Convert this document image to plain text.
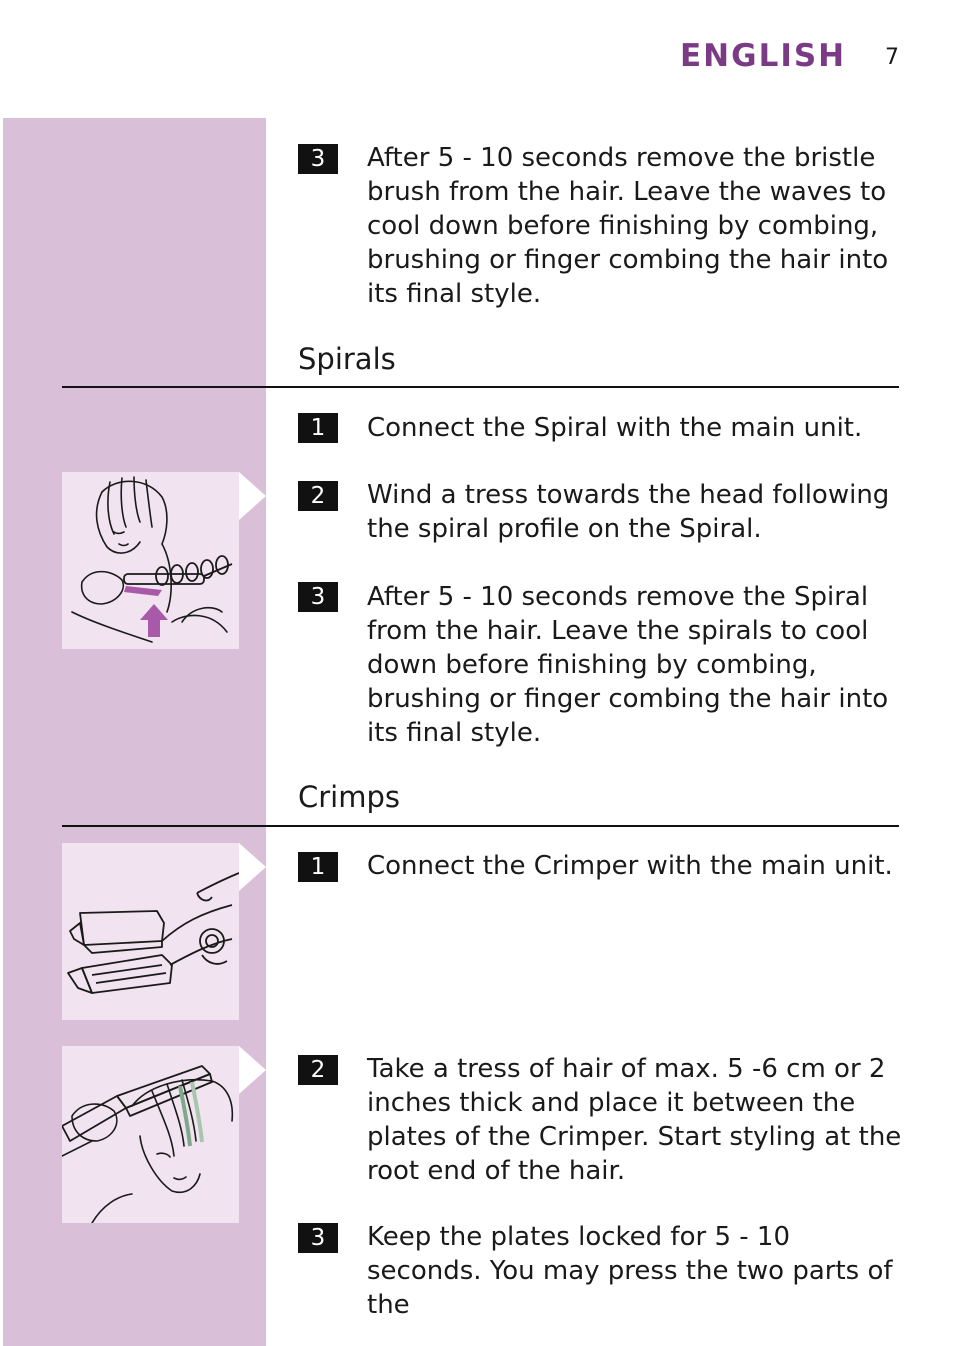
ENGLISH 7
3	After 5 - 10 seconds remove the bristle brush from the hair. Leave the waves to cool down before finishing by combing, brushing or finger combing the hair into its final style.
Spirals
1	Connect the Spiral with the main unit.
2	Wind a tress towards the head following the spiral profile on the Spiral.
3	After 5 - 10 seconds remove the Spiral from the hair. Leave the spirals to cool down before finishing by combing, brushing or finger combing the hair into its final style.
Crimps
1	Connect the Crimper with the main unit.
2	Take a tress of hair of max. 5 -6 cm or 2 inches thick and place it between the plates of the Crimper. Start styling at the root end of the hair.
3	Keep the plates locked for 5 - 10 seconds. You may press the two parts of the
